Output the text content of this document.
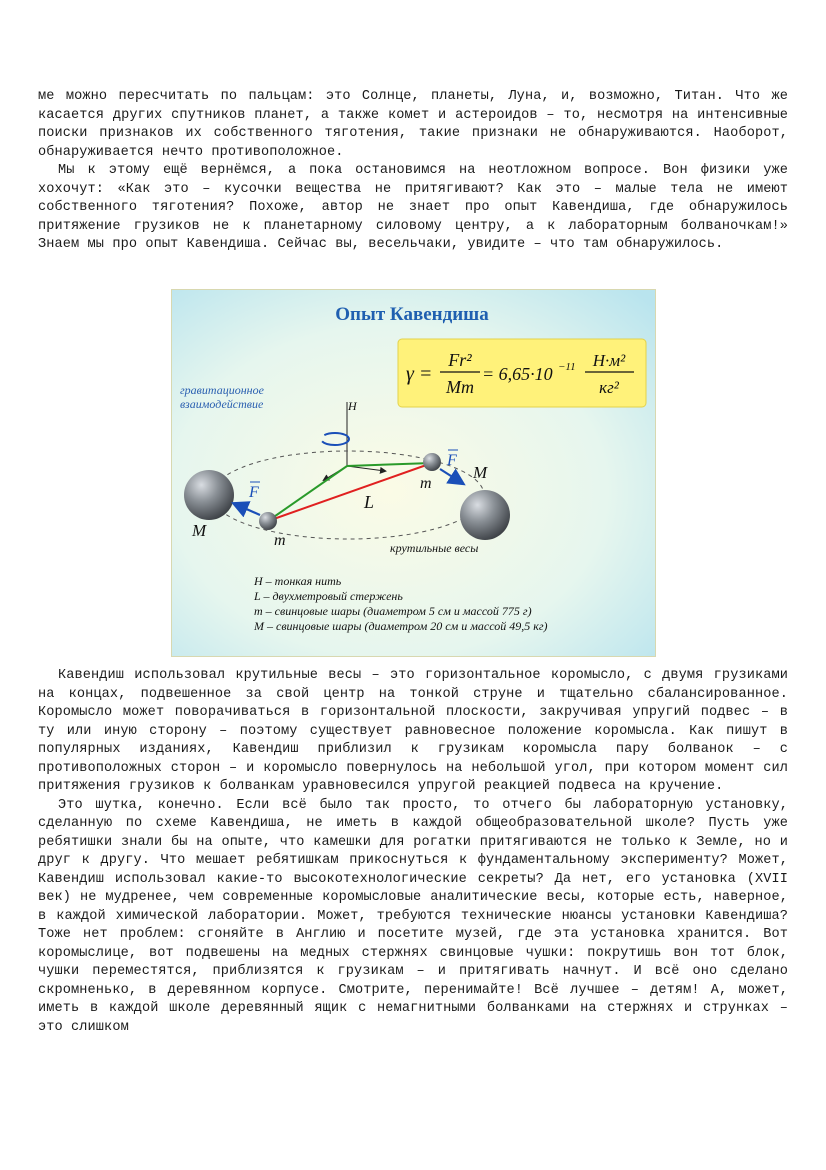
ме можно пересчитать по пальцам: это Солнце, планеты, Луна, и, возможно, Титан. Что же касается других спутников планет, а также комет и астероидов – то, несмотря на интенсивные поиски признаков их собственного тяготения, такие признаки не обнаруживаются. Наоборот, обнаруживается нечто противоположное.

Мы к этому ещё вернёмся, а пока остановимся на неотложном вопросе. Вон физики уже хохочут: «Как это – кусочки вещества не притягивают? Как это – малые тела не имеют собственного тяготения? Похоже, автор не знает про опыт Кавендиша, где обнаружилось притяжение грузиков не к планетарному силовому центру, а к лабораторным болваночкам!» Знаем мы про опыт Кавендиша. Сейчас вы, весельчаки, увидите – что там обнаружилось.

Опыт Кавендиша
γ =
Fr²
Mm
= 6,65·10 −11 Н·м²
кг²
гравитационное
взаимодействие	H
L
M
M
m
m
F
F
крутильные весы
H – тонкая нить
L – двухметровый стержень
m – свинцовые шары (диаметром 5 см и массой 775 г)
M – свинцовые шары (диаметром 20 см и массой 49,5 кг)

Кавендиш использовал крутильные весы – это горизонтальное коромысло, с двумя грузиками на концах, подвешенное за свой центр на тонкой струне и тщательно сбалансированное. Коромысло может поворачиваться в горизонтальной плоскости, закручивая упругий подвес – в ту или иную сторону – поэтому существует равновесное положение коромысла. Как пишут в популярных изданиях, Кавендиш приблизил к грузикам коромысла пару болванок – с противоположных сторон – и коромысло повернулось на небольшой угол, при котором момент сил притяжения грузиков к болванкам уравновесился упругой реакцией подвеса на кручение.

Это шутка, конечно. Если всё было так просто, то отчего бы лабораторную установку, сделанную по схеме Кавендиша, не иметь в каждой общеобразовательной школе? Пусть уже ребятишки знали бы на опыте, что камешки для рогатки притягиваются не только к Земле, но и друг к другу. Что мешает ребятишкам прикоснуться к фундаментальному эксперименту? Может, Кавендиш использовал какие-то высокотехнологические секреты? Да нет, его установка (XVII век) не мудренее, чем современные коромысловые аналитические весы, которые есть, наверное, в каждой химической лаборатории. Может, требуются технические нюансы установки Кавендиша? Тоже нет проблем: сгоняйте в Англию и посетите музей, где эта установка хранится. Вот коромыслице, вот подвешены на медных стержнях свинцовые чушки: покрутишь вон тот блок, чушки переместятся, приблизятся к грузикам – и притягивать начнут. И всё оно сделано скромненько, в деревянном корпусе. Смотрите, перенимайте! Всё лучшее – детям! А, может, иметь в каждой школе деревянный ящик с немагнитными болванками на стержнях и струнках – это слишком
